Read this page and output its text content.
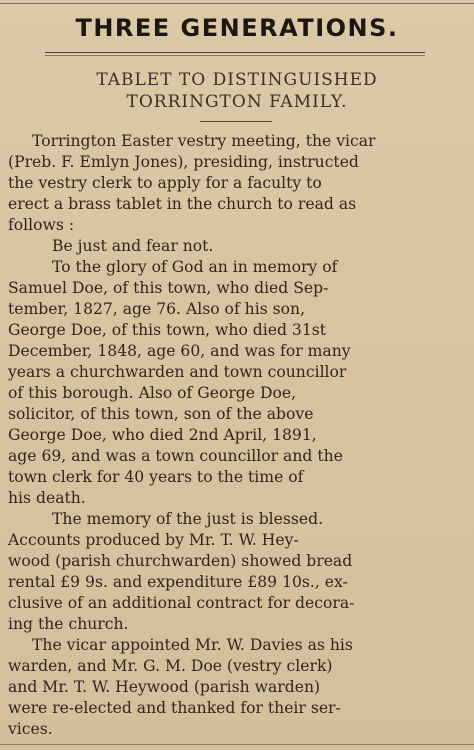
THREE GENERATIONS.
TABLET TO DISTINGUISHED
TORRINGTON FAMILY.
Torrington Easter vestry meeting, the vicar
(Preb. F. Emlyn Jones), presiding, instructed
the vestry clerk to apply for a faculty to
erect a brass tablet in the church to read as
follows :
Be just and fear not.
To the glory of God an in memory of
Samuel Doe, of this town, who died Sep-
tember, 1827, age 76. Also of his son,
George Doe, of this town, who died 31st
December, 1848, age 60, and was for many
years a churchwarden and town councillor
of this borough. Also of George Doe,
solicitor, of this town, son of the above
George Doe, who died 2nd April, 1891,
age 69, and was a town councillor and the
town clerk for 40 years to the time of
his death.
The memory of the just is blessed.
Accounts produced by Mr. T. W. Hey-
wood (parish churchwarden) showed bread
rental £9 9s. and expenditure £89 10s., ex-
clusive of an additional contract for decora-
ing the church.
The vicar appointed Mr. W. Davies as his
warden, and Mr. G. M. Doe (vestry clerk)
and Mr. T. W. Heywood (parish warden)
were re-elected and thanked for their ser-
vices.
